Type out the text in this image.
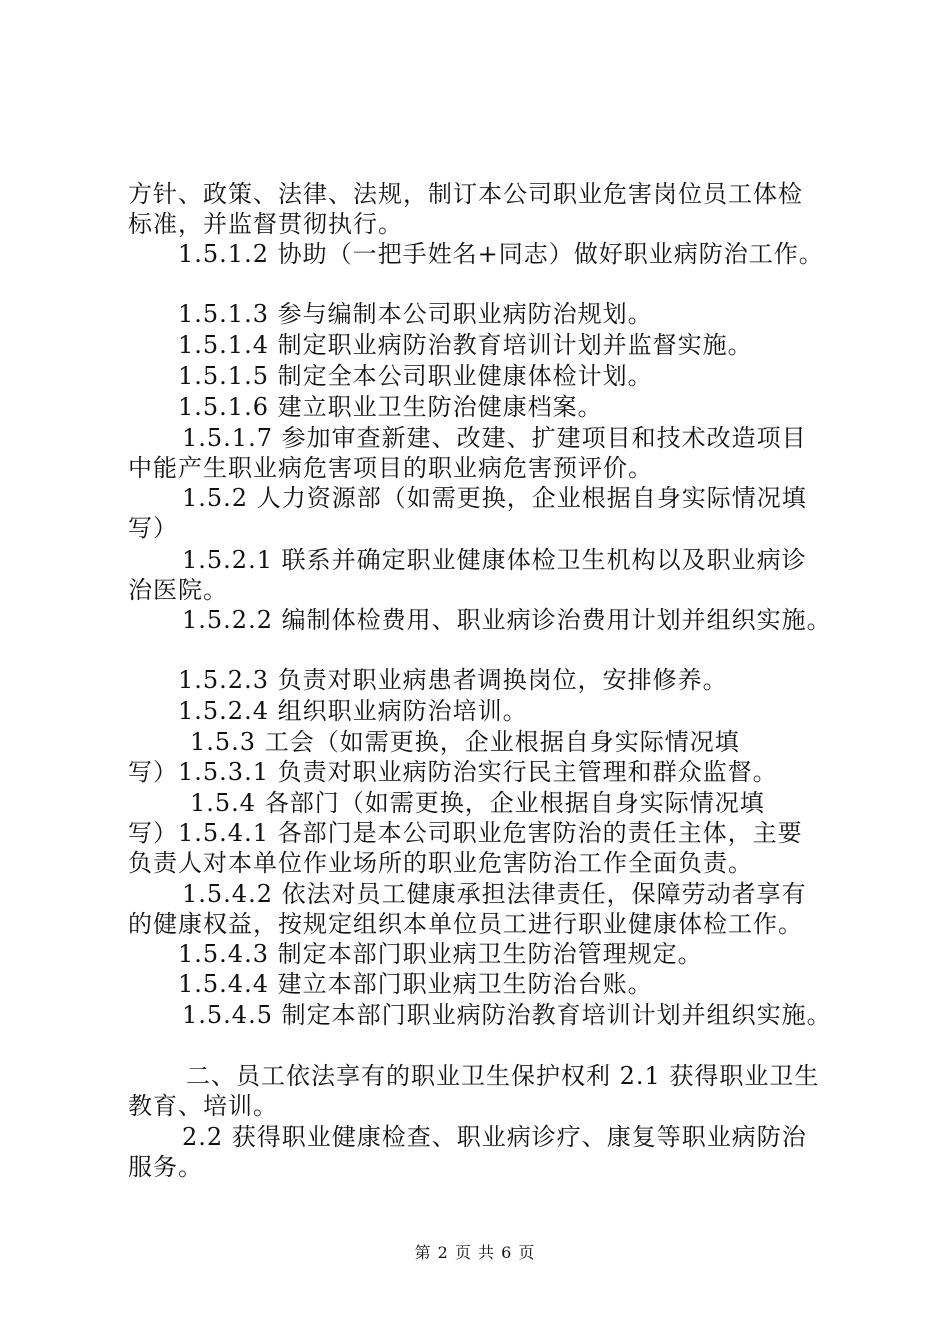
方针、政策、法律、法规，制订本公司职业危害岗位员工体检
标准，并监督贯彻执行。
1.5.1.2 协助（一把手姓名+同志）做好职业病防治工作。
1.5.1.3 参与编制本公司职业病防治规划。
1.5.1.4 制定职业病防治教育培训计划并监督实施。
1.5.1.5 制定全本公司职业健康体检计划。
1.5.1.6 建立职业卫生防治健康档案。
1.5.1.7 参加审查新建、改建、扩建项目和技术改造项目
中能产生职业病危害项目的职业病危害预评价。
1.5.2 人力资源部（如需更换，企业根据自身实际情况填
写）
1.5.2.1 联系并确定职业健康体检卫生机构以及职业病诊
治医院。
1.5.2.2 编制体检费用、职业病诊治费用计划并组织实施。
1.5.2.3 负责对职业病患者调换岗位，安排修养。
1.5.2.4 组织职业病防治培训。
1.5.3 工会（如需更换，企业根据自身实际情况填
写）1.5.3.1 负责对职业病防治实行民主管理和群众监督。
1.5.4 各部门（如需更换，企业根据自身实际情况填
写）1.5.4.1 各部门是本公司职业危害防治的责任主体，主要
负责人对本单位作业场所的职业危害防治工作全面负责。
1.5.4.2 依法对员工健康承担法律责任，保障劳动者享有
的健康权益，按规定组织本单位员工进行职业健康体检工作。
1.5.4.3 制定本部门职业病卫生防治管理规定。
1.5.4.4 建立本部门职业病卫生防治台账。
1.5.4.5 制定本部门职业病防治教育培训计划并组织实施。
二、员工依法享有的职业卫生保护权利 2.1 获得职业卫生
教育、培训。
2.2 获得职业健康检查、职业病诊疗、康复等职业病防治
服务。
第 2 页 共 6 页
